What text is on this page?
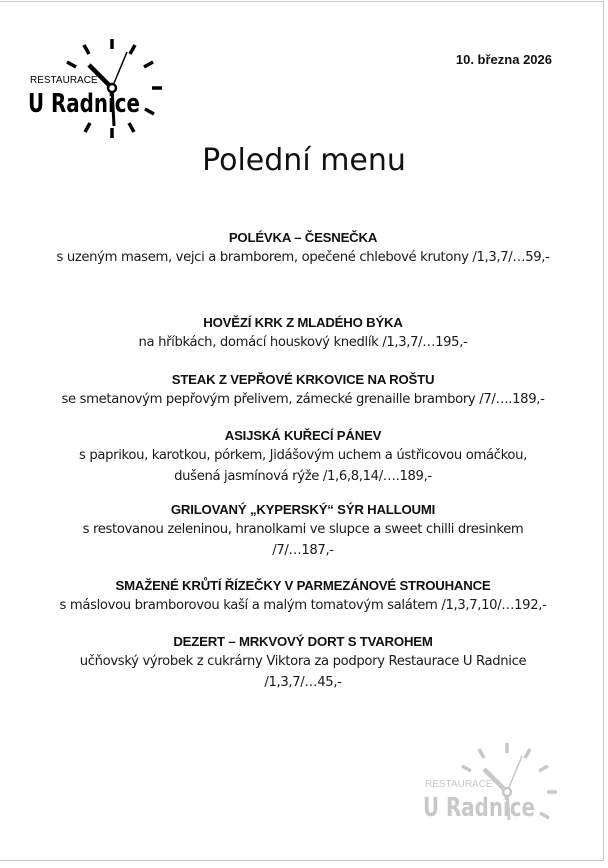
RESTAURACE
U Radnice
10. března 2026
Polední menu
POLÉVKA – ČESNEČKA
s uzeným masem, vejci a bramborem, opečené chlebové krutony /1,3,7/…59,-
HOVĚZÍ KRK Z MLADÉHO BÝKA
na hříbkách, domácí houskový knedlík /1,3,7/…195,-
STEAK Z VEPŘOVÉ KRKOVICE NA ROŠTU
se smetanovým pepřovým přelivem, zámecké grenaille brambory /7/….189,-
ASIJSKÁ KUŘECÍ PÁNEV
s paprikou, karotkou, pórkem, Jidášovým uchem a ústřicovou omáčkou,
dušená jasmínová rýže /1,6,8,14/….189,-
GRILOVANÝ „KYPERSKÝ“ SÝR HALLOUMI
s restovanou zeleninou, hranolkami ve slupce a sweet chilli dresinkem
/7/…187,-
SMAŽENÉ KRŮTÍ ŘÍZEČKY V PARMEZÁNOVÉ STROUHANCE
s máslovou bramborovou kaší a malým tomatovým salátem /1,3,7,10/…192,-
DEZERT – MRKVOVÝ DORT S TVAROHEM
učňovský výrobek z cukrárny Viktora za podpory Restaurace U Radnice
/1,3,7/…45,-
RESTAURACE
U Radnice
